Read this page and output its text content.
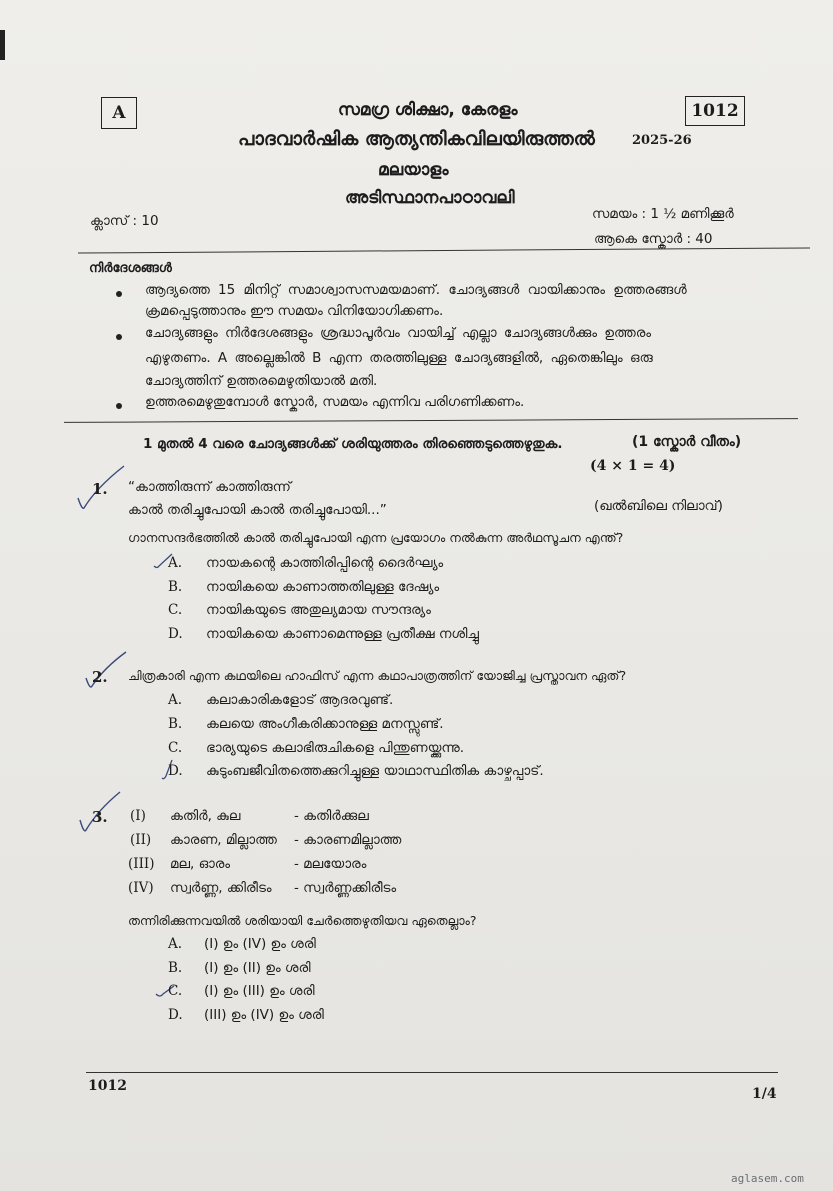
A	1012
സമഗ്ര ശിക്ഷാ, കേരളം
പാദവാർഷിക ആത്യന്തികവിലയിരുത്തൽ	2025-26
മലയാളം
അടിസ്ഥാനപാഠാവലി
ക്ലാസ് : 10	സമയം : 1 ½ മണിക്കൂർ
ആകെ സ്കോർ : 40
നിർദേശങ്ങൾ
ആദ്യത്തെ 15 മിനിറ്റ് സമാശ്വാസസമയമാണ്. ചോദ്യങ്ങൾ വായിക്കാനും ഉത്തരങ്ങൾ
ക്രമപ്പെടുത്താനും ഈ സമയം വിനിയോഗിക്കണം.
ചോദ്യങ്ങളും നിർദേശങ്ങളും ശ്രദ്ധാപൂർവം വായിച്ച് എല്ലാ ചോദ്യങ്ങൾക്കും ഉത്തരം
എഴുതണം. A അല്ലെങ്കിൽ B എന്ന തരത്തിലുള്ള ചോദ്യങ്ങളിൽ, ഏതെങ്കിലും ഒരു
ചോദ്യത്തിന് ഉത്തരമെഴുതിയാൽ മതി.
ഉത്തരമെഴുതുമ്പോൾ സ്കോർ, സമയം എന്നിവ പരിഗണിക്കണം.
1 മുതൽ 4 വരെ ചോദ്യങ്ങൾക്ക് ശരിയുത്തരം തിരഞ്ഞെടുത്തെഴുതുക.	(1 സ്കോർ വീതം)
(4 × 1 = 4)
1. “കാത്തിരുന്ന് കാത്തിരുന്ന്
കാൽ തരിച്ചുപോയി കാൽ തരിച്ചുപോയി...”	(ഖൽബിലെ നിലാവ്)
ഗാനസന്ദർഭത്തിൽ കാൽ തരിച്ചുപോയി എന്ന പ്രയോഗം നൽകുന്ന അർഥസൂചന എന്ത്?
A. നായകന്റെ കാത്തിരിപ്പിന്റെ ദൈർഘ്യം
B. നായികയെ കാണാത്തതിലുള്ള ദേഷ്യം
C. നായികയുടെ അതുല്യമായ സൗന്ദര്യം
D. നായികയെ കാണാമെന്നുള്ള പ്രതീക്ഷ നശിച്ചു
2. ചിത്രകാരി എന്ന കഥയിലെ ഹാഫിസ് എന്ന കഥാപാത്രത്തിന് യോജിച്ച പ്രസ്താവന ഏത്?
A. കലാകാരികളോട് ആദരവുണ്ട്.
B. കലയെ അംഗീകരിക്കാനുള്ള മനസ്സുണ്ട്.
C. ഭാര്യയുടെ കലാഭിരുചികളെ പിന്തുണയ്ക്കുന്നു.
D. കുടുംബജീവിതത്തെക്കുറിച്ചുള്ള യാഥാസ്ഥിതിക കാഴ്ചപ്പാട്.
3. (I) കതിർ, കുല	- കതിർക്കുല
(II) കാരണ, മില്ലാത്ത - കാരണമില്ലാത്ത
(III) മല, ഓരം	- മലയോരം
(IV) സ്വർണ്ണ, ക്കിരീടം - സ്വർണ്ണക്കിരീടം
തന്നിരിക്കുന്നവയിൽ ശരിയായി ചേർത്തെഴുതിയവ ഏതെല്ലാം?
A. (I) ഉം (IV) ഉം ശരി
B. (I) ഉം (II) ഉം ശരി
C. (I) ഉം (III) ഉം ശരി
D. (III) ഉം (IV) ഉം ശരി
1012	1/4
aglasem.com
